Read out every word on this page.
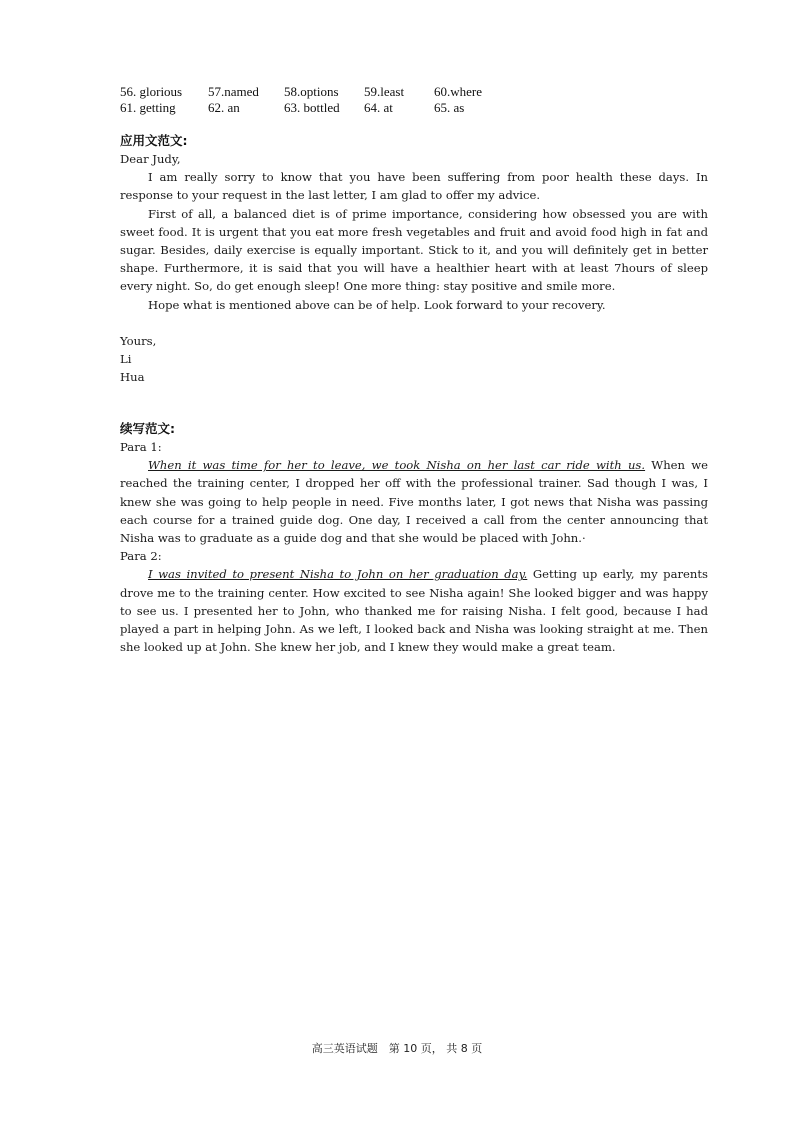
56. glorious 57.named 58.options 59.least 60.where
61. getting 62. an	63. bottled 64. at	65. as
应用文范文:

Dear Judy,

I am really sorry to know that you have been suffering from poor health these days. In response to your request in the last letter, I am glad to offer my advice.

First of all, a balanced diet is of prime importance, considering how obsessed you are with sweet food. It is urgent that you eat more fresh vegetables and fruit and avoid food high in fat and sugar. Besides, daily exercise is equally important. Stick to it, and you will definitely get in better shape. Furthermore, it is said that you will have a healthier heart with at least 7hours of sleep every night. So, do get enough sleep! One more thing: stay positive and smile more.

Hope what is mentioned above can be of help. Look forward to your recovery.

Yours,

Li

Hua

续写范文:

Para 1:

When it was time for her to leave, we took Nisha on her last car ride with us. When we reached the training center, I dropped her off with the professional trainer. Sad though I was, I knew she was going to help people in need. Five months later, I got news that Nisha was passing each course for a trained guide dog. One day, I received a call from the center announcing that Nisha was to graduate as a guide dog and that she would be placed with John.·

Para 2:

I was invited to present Nisha to John on her graduation day. Getting up early, my parents drove me to the training center. How excited to see Nisha again! She looked bigger and was happy to see us. I presented her to John, who thanked me for raising Nisha. I felt good, because I had played a part in helping John. As we left, I looked back and Nisha was looking straight at me. Then she looked up at John. She knew her job, and I knew they would make a great team.

高三英语试题　第 10 页， 共 8 页
